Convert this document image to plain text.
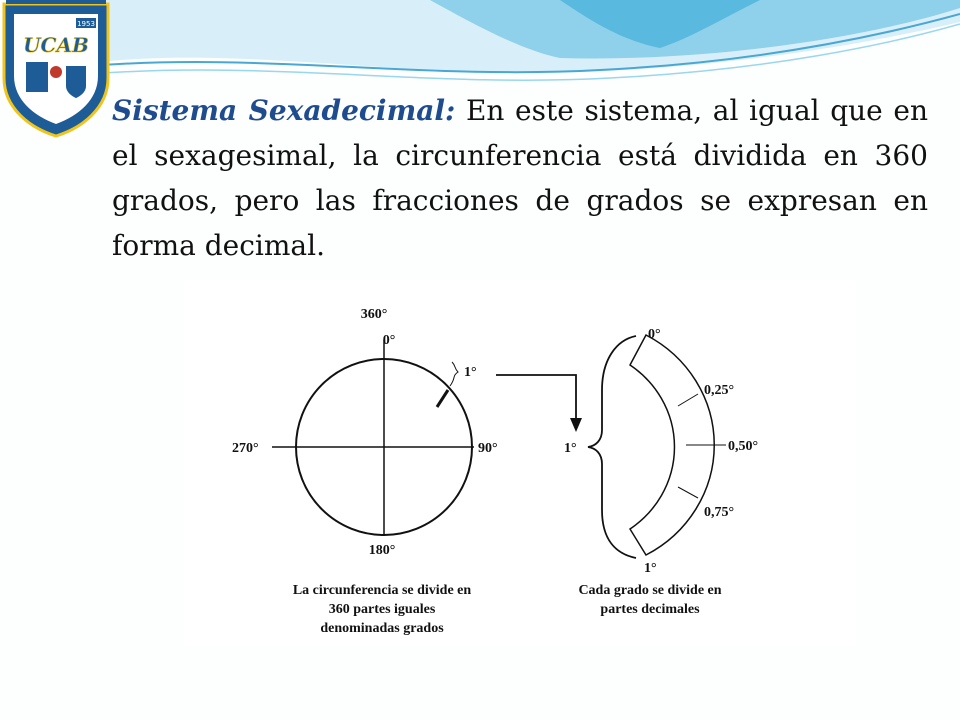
1953
UCAB
Sistema Sexadecimal: En este sistema, al igual que en el sexagesimal, la circunferencia está dividida en 360 grados, pero las fracciones de grados se expresan en forma decimal.
360°
0°
90°
180°
270°
1°
1°
0°
0,25°
0,50°
0,75°
1°
La circunferencia se divide en
360 partes iguales
denominadas grados
Cada grado se divide en
partes decimales
